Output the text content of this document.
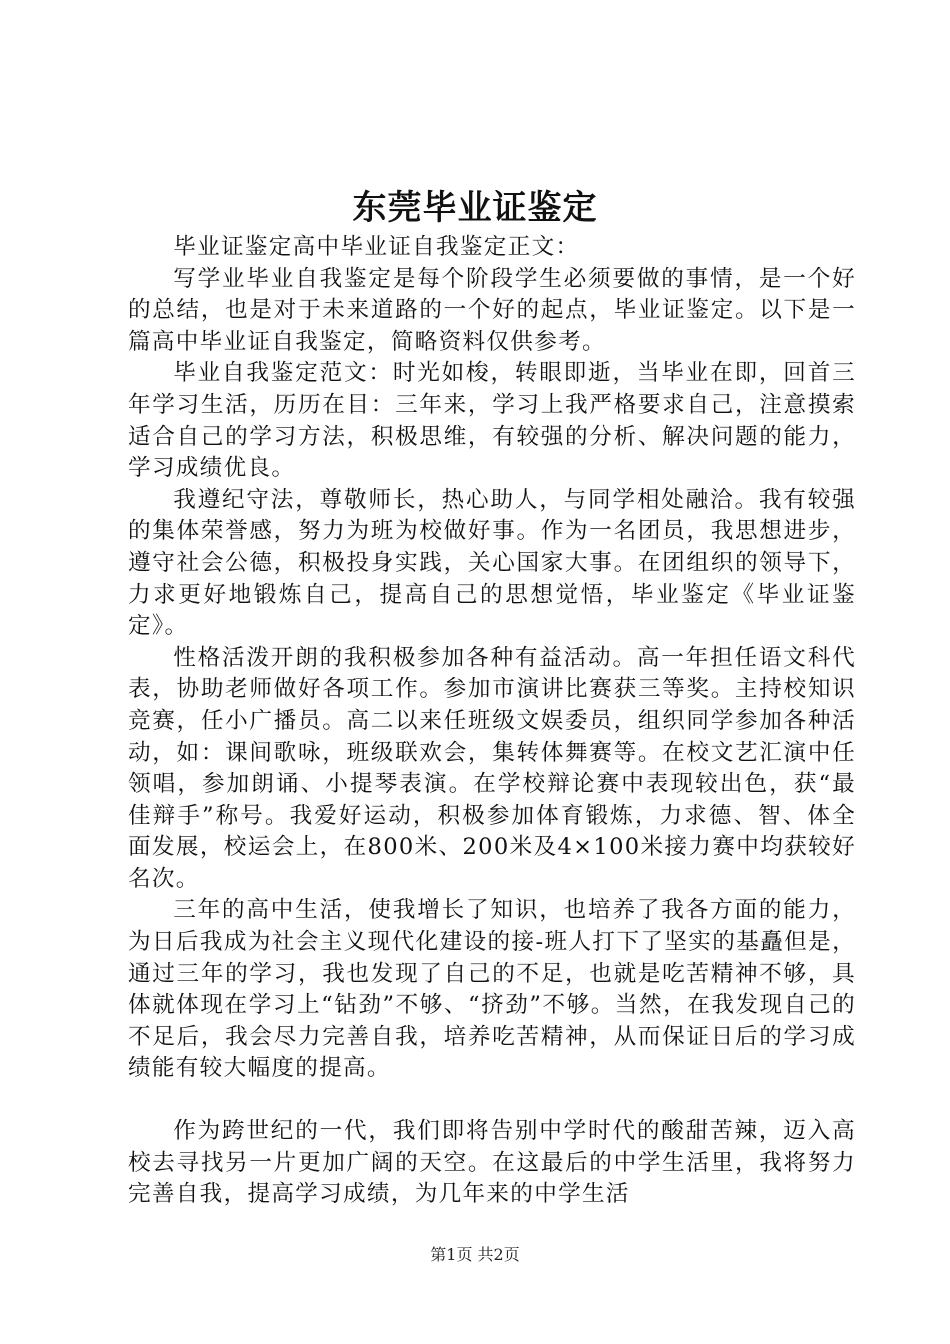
东莞毕业证鉴定

毕业证鉴定高中毕业证自我鉴定正文：

写学业毕业自我鉴定是每个阶段学生必须要做的事情，是一个好的总结，也是对于未来道路的一个好的起点，毕业证鉴定。以下是一篇高中毕业证自我鉴定，简略资料仅供参考。

毕业自我鉴定范文：时光如梭，转眼即逝，当毕业在即，回首三年学习生活，历历在目：三年来，学习上我严格要求自己，注意摸索适合自己的学习方法，积极思维，有较强的分析、解决问题的能力，学习成绩优良。

我遵纪守法，尊敬师长，热心助人，与同学相处融洽。我有较强的集体荣誉感，努力为班为校做好事。作为一名团员，我思想进步，遵守社会公德，积极投身实践，关心国家大事。在团组织的领导下，力求更好地锻炼自己，提高自己的思想觉悟，毕业鉴定《毕业证鉴定》。

性格活泼开朗的我积极参加各种有益活动。高一年担任语文科代表，协助老师做好各项工作。参加市演讲比赛获三等奖。主持校知识竞赛，任小广播员。高二以来任班级文娱委员，组织同学参加各种活动，如：课间歌咏，班级联欢会，集转体舞赛等。在校文艺汇演中任领唱，参加朗诵、小提琴表演。在学校辩论赛中表现较出色，获“最佳辩手”称号。我爱好运动，积极参加体育锻炼，力求德、智、体全面发展，校运会上，在800米、200米及4×100米接力赛中均获较好名次。

三年的高中生活，使我增长了知识，也培养了我各方面的能力，为日后我成为社会主义现代化建设的接-班人打下了坚实的基矗但是，通过三年的学习，我也发现了自己的不足，也就是吃苦精神不够，具体就体现在学习上“钻劲”不够、“挤劲”不够。当然，在我发现自己的不足后，我会尽力完善自我，培养吃苦精神，从而保证日后的学习成绩能有较大幅度的提高。

作为跨世纪的一代，我们即将告别中学时代的酸甜苦辣，迈入高校去寻找另一片更加广阔的天空。在这最后的中学生活里，我将努力完善自我，提高学习成绩，为几年来的中学生活

第1页 共2页
